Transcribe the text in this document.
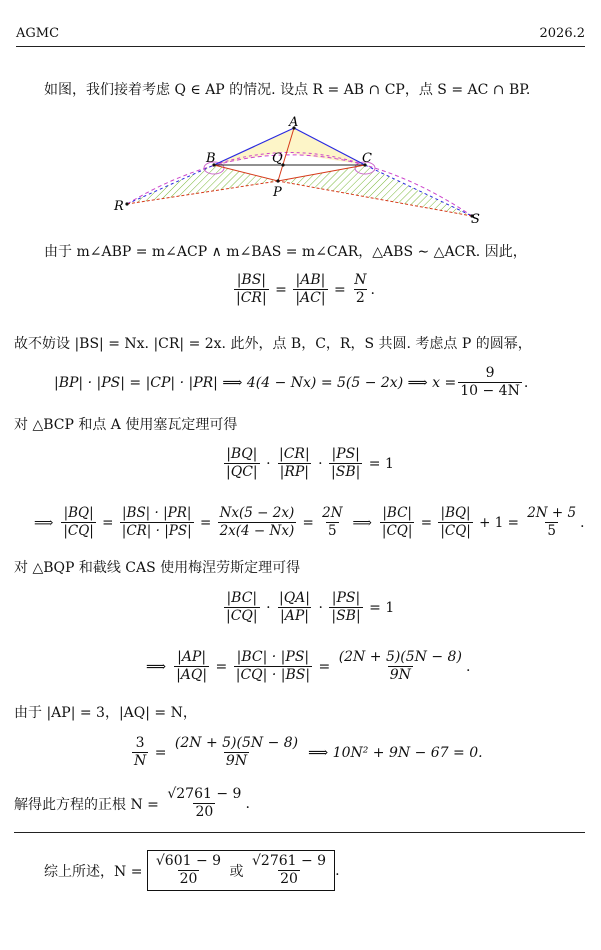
AGMC	2026.2
如图，我们接着考虑 Q ∈ AP 的情况. 设点 R = AB ∩ CP，点 S = AC ∩ BP.
A
B	C
Q
P
R
S
由于 m∠ABP = m∠ACP ∧ m∠BAS = m∠CAR，△ABS ∼ △ACR. 因此，
$\frac{|BS|}{|CR|} = \frac{|AB|}{|AC|} = \frac{N}{2}$ .
故不妨设 |BS| = Nx. |CR| = 2x. 此外，点 B，C，R，S 共圆. 考虑点 P 的圆幂，
|BP| · |PS| = |CP| · |PR| ⟹ 4(4 − Nx) = 5(5 − 2x) ⟹ $x = \frac{9}{10 - 4N}$ .
对 △BCP 和点 A 使用塞瓦定理可得
$\frac{|BQ|}{|QC|} \cdot \frac{|CR|}{|RP|} \cdot \frac{|PS|}{|SB|}$
= 1
⟹ $\frac{|BQ|}{|CQ|} = \frac{|BS| \cdot |PR|}{|CR| \cdot |PS|} = \frac{Nx(5 - 2x)}{2x(4 - Nx)} = \frac{2N}{5}$ ⟹ $\frac{|BC|}{|CQ|} = \frac{|BQ|}{|CQ|}$
+ 1 =
$\frac{2N + 5}{5}$ .
对 △BQP 和截线 CAS 使用梅涅劳斯定理可得
$\frac{|BC|}{|CQ|} \cdot \frac{|QA|}{|AP|} \cdot \frac{|PS|}{|SB|}$
= 1
⟹ $\frac{|AP|}{|AQ|} = \frac{|BC| \cdot |PS|}{|CQ| \cdot |BS|} = \frac{(2N + 5)(5N - 8)}{9N}$ .
由于 |AP| = 3，|AQ| = N，
$\frac{3}{N} = \frac{(2N + 5)(5N - 8)}{9N}$ ⟹ 10N² + 9N − 67 = 0.
解得此方程的正根 N =
$\frac{√2761 - 9}{20}$ .
综上所述，N =
$\frac{√601 - 9}{20}$
或
$\frac{√2761 - 9}{20}$ .
